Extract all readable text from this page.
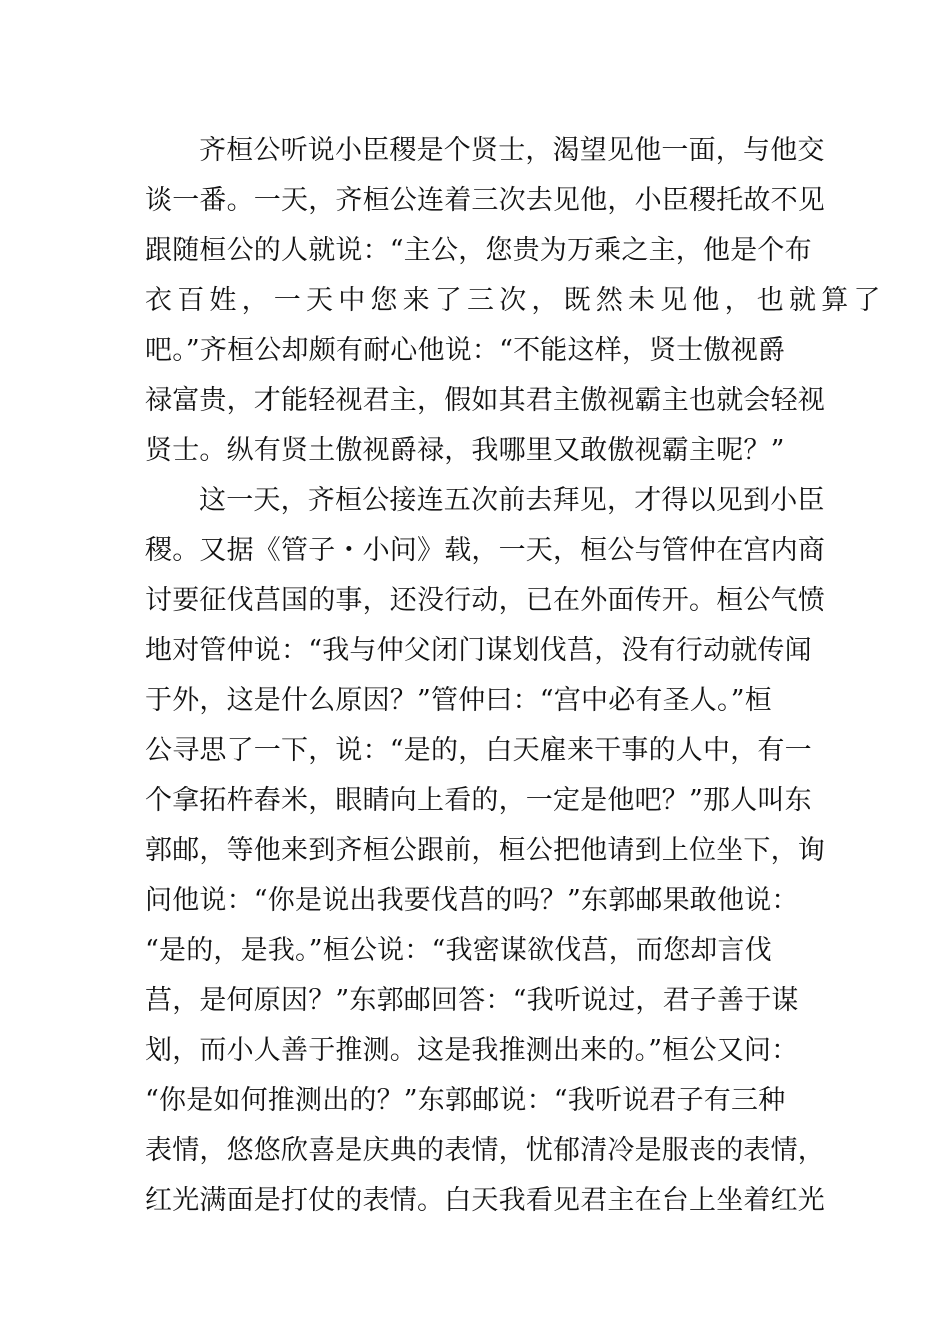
齐桓公听说小臣稷是个贤士，渴望见他一面，与他交
谈一番。一天，齐桓公连着三次去见他，小臣稷托故不见
跟随桓公的人就说：“主公，您贵为万乘之主，他是个布
衣百姓，一天中您来了三次，既然未见他，也就算了
吧。”齐桓公却颇有耐心他说：“不能这样，贤士傲视爵
禄富贵，才能轻视君主，假如其君主傲视霸主也就会轻视
贤士。纵有贤土傲视爵禄，我哪里又敢傲视霸主呢？”
这一天，齐桓公接连五次前去拜见，才得以见到小臣
稷。又据《管子・小问》载，一天，桓公与管仲在宫内商
讨要征伐莒国的事，还没行动，已在外面传开。桓公气愤
地对管仲说：“我与仲父闭门谋划伐莒，没有行动就传闻
于外，这是什么原因？”管仲曰：“宫中必有圣人。”桓
公寻思了一下，说：“是的，白天雇来干事的人中，有一
个拿拓杵舂米，眼睛向上看的，一定是他吧？”那人叫东
郭邮，等他来到齐桓公跟前，桓公把他请到上位坐下，询
问他说：“你是说出我要伐莒的吗？”东郭邮果敢他说：
“是的，是我。”桓公说：“我密谋欲伐莒，而您却言伐
莒，是何原因？”东郭邮回答：“我听说过，君子善于谋
划，而小人善于推测。这是我推测出来的。”桓公又问：
“你是如何推测出的？”东郭邮说：“我听说君子有三种
表情，悠悠欣喜是庆典的表情，忧郁清冷是服丧的表情，
红光满面是打仗的表情。白天我看见君主在台上坐着红光
